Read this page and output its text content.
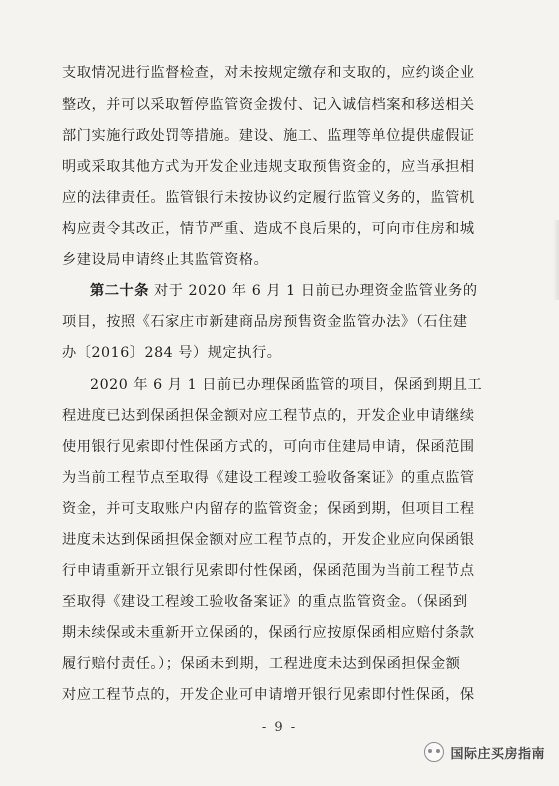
支取情况进行监督检查，对未按规定缴存和支取的，应约谈企业
整改，并可以采取暂停监管资金拨付、记入诚信档案和移送相关
部门实施行政处罚等措施。建设、施工、监理等单位提供虚假证
明或采取其他方式为开发企业违规支取预售资金的，应当承担相
应的法律责任。监管银行未按协议约定履行监管义务的，监管机
构应责令其改正，情节严重、造成不良后果的，可向市住房和城
乡建设局申请终止其监管资格。
第二十条 对于 2020 年 6 月 1 日前已办理资金监管业务的
项目，按照《石家庄市新建商品房预售资金监管办法》（石住建
办〔2016〕284 号）规定执行。
2020 年 6 月 1 日前已办理保函监管的项目，保函到期且工
程进度已达到保函担保金额对应工程节点的，开发企业申请继续
使用银行见索即付性保函方式的，可向市住建局申请，保函范围
为当前工程节点至取得《建设工程竣工验收备案证》的重点监管
资金，并可支取账户内留存的监管资金；保函到期，但项目工程
进度未达到保函担保金额对应工程节点的，开发企业应向保函银
行申请重新开立银行见索即付性保函，保函范围为当前工程节点
至取得《建设工程竣工验收备案证》的重点监管资金。（保函到
期未续保或未重新开立保函的，保函行应按原保函相应赔付条款
履行赔付责任。）；保函未到期，工程进度未达到保函担保金额
对应工程节点的，开发企业可申请增开银行见索即付性保函，保
- 9 -
国际庄买房指南
